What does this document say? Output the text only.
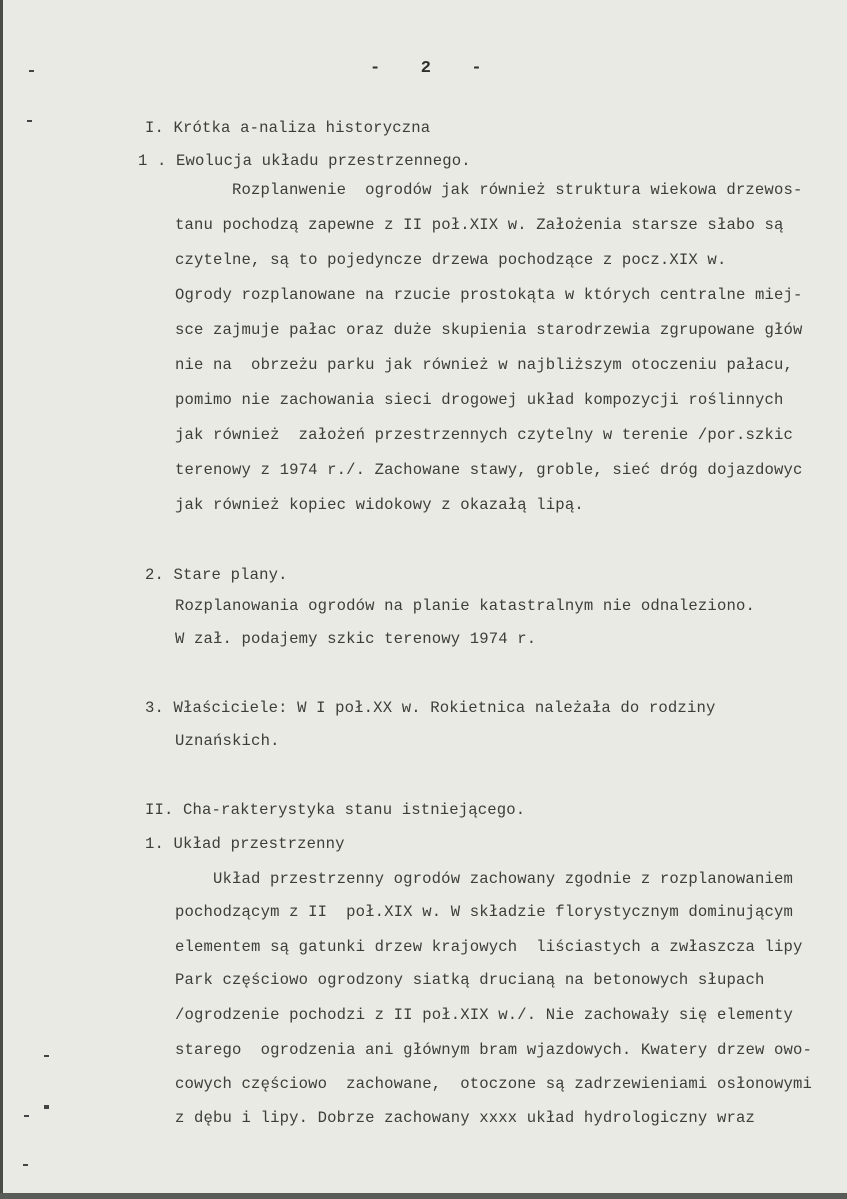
- 2 -
I. Krótka a-naliza historyczna
1 . Ewolucja układu przestrzennego.
Rozplanwenie  ogrodów jak również struktura wiekowa drzewos-
tanu pochodzą zapewne z II poł.XIX w. Założenia starsze słabo są
czytelne, są to pojedyncze drzewa pochodzące z pocz.XIX w.
Ogrody rozplanowane na rzucie prostokąta w których centralne miej-
sce zajmuje pałac oraz duże skupienia starodrzewia zgrupowane głów
nie na  obrzeżu parku jak również w najbliższym otoczeniu pałacu,
pomimo nie zachowania sieci drogowej układ kompozycji roślinnych
jak również  założeń przestrzennych czytelny w terenie /por.szkic
terenowy z 1974 r./. Zachowane stawy, groble, sieć dróg dojazdowyc
jak również kopiec widokowy z okazałą lipą.
2. Stare plany.
Rozplanowania ogrodów na planie katastralnym nie odnaleziono.
W zał. podajemy szkic terenowy 1974 r.
3. Właściciele: W I poł.XX w. Rokietnica należała do rodziny
Uznańskich.
II. Cha-rakterystyka stanu istniejącego.
1. Układ przestrzenny
Układ przestrzenny ogrodów zachowany zgodnie z rozplanowaniem
pochodzącym z II  poł.XIX w. W składzie florystycznym dominującym
elementem są gatunki drzew krajowych  liściastych a zwłaszcza lipy
Park częściowo ogrodzony siatką drucianą na betonowych słupach
/ogrodzenie pochodzi z II poł.XIX w./. Nie zachowały się elementy
starego  ogrodzenia ani głównym bram wjazdowych. Kwatery drzew owo-
cowych częściowo  zachowane,  otoczone są zadrzewieniami osłonowymi
z dębu i lipy. Dobrze zachowany xxxx układ hydrologiczny wraz
